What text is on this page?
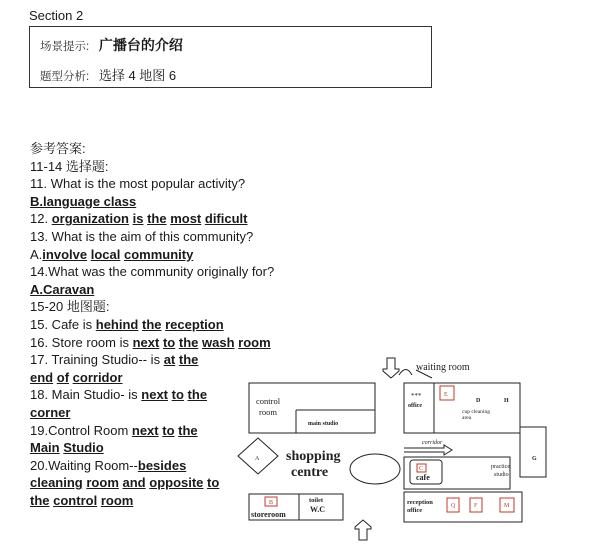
Section 2
场景提示: 广播台的介绍
题型分析: 选择 4 地图 6
参考答案:
11-14 选择题:
11. What is the most popular activity?
B.language class
12. organization is the most dificult
13. What is the aim of this community?
A.involve local community
14.What was the community originally for?
A.Caravan
15-20 地图题:
15. Cafe is hehind the reception
16. Store room is next to the wash room
17. Training Studio-- is at the
end of corridor
18. Main Studio- is next to the
corner
19.Control Room next to the
Main Studio
20.Waiting Room--besides
cleaning room and opposite to
the control room
waiting room
control
room
main studio
***
office
E
D	H
cup cleaning
area
corridor
A shopping
centre	C
cafe
practice
studio
G
B
storeroom
toilet
W.C
reception
office
Q	F	M
